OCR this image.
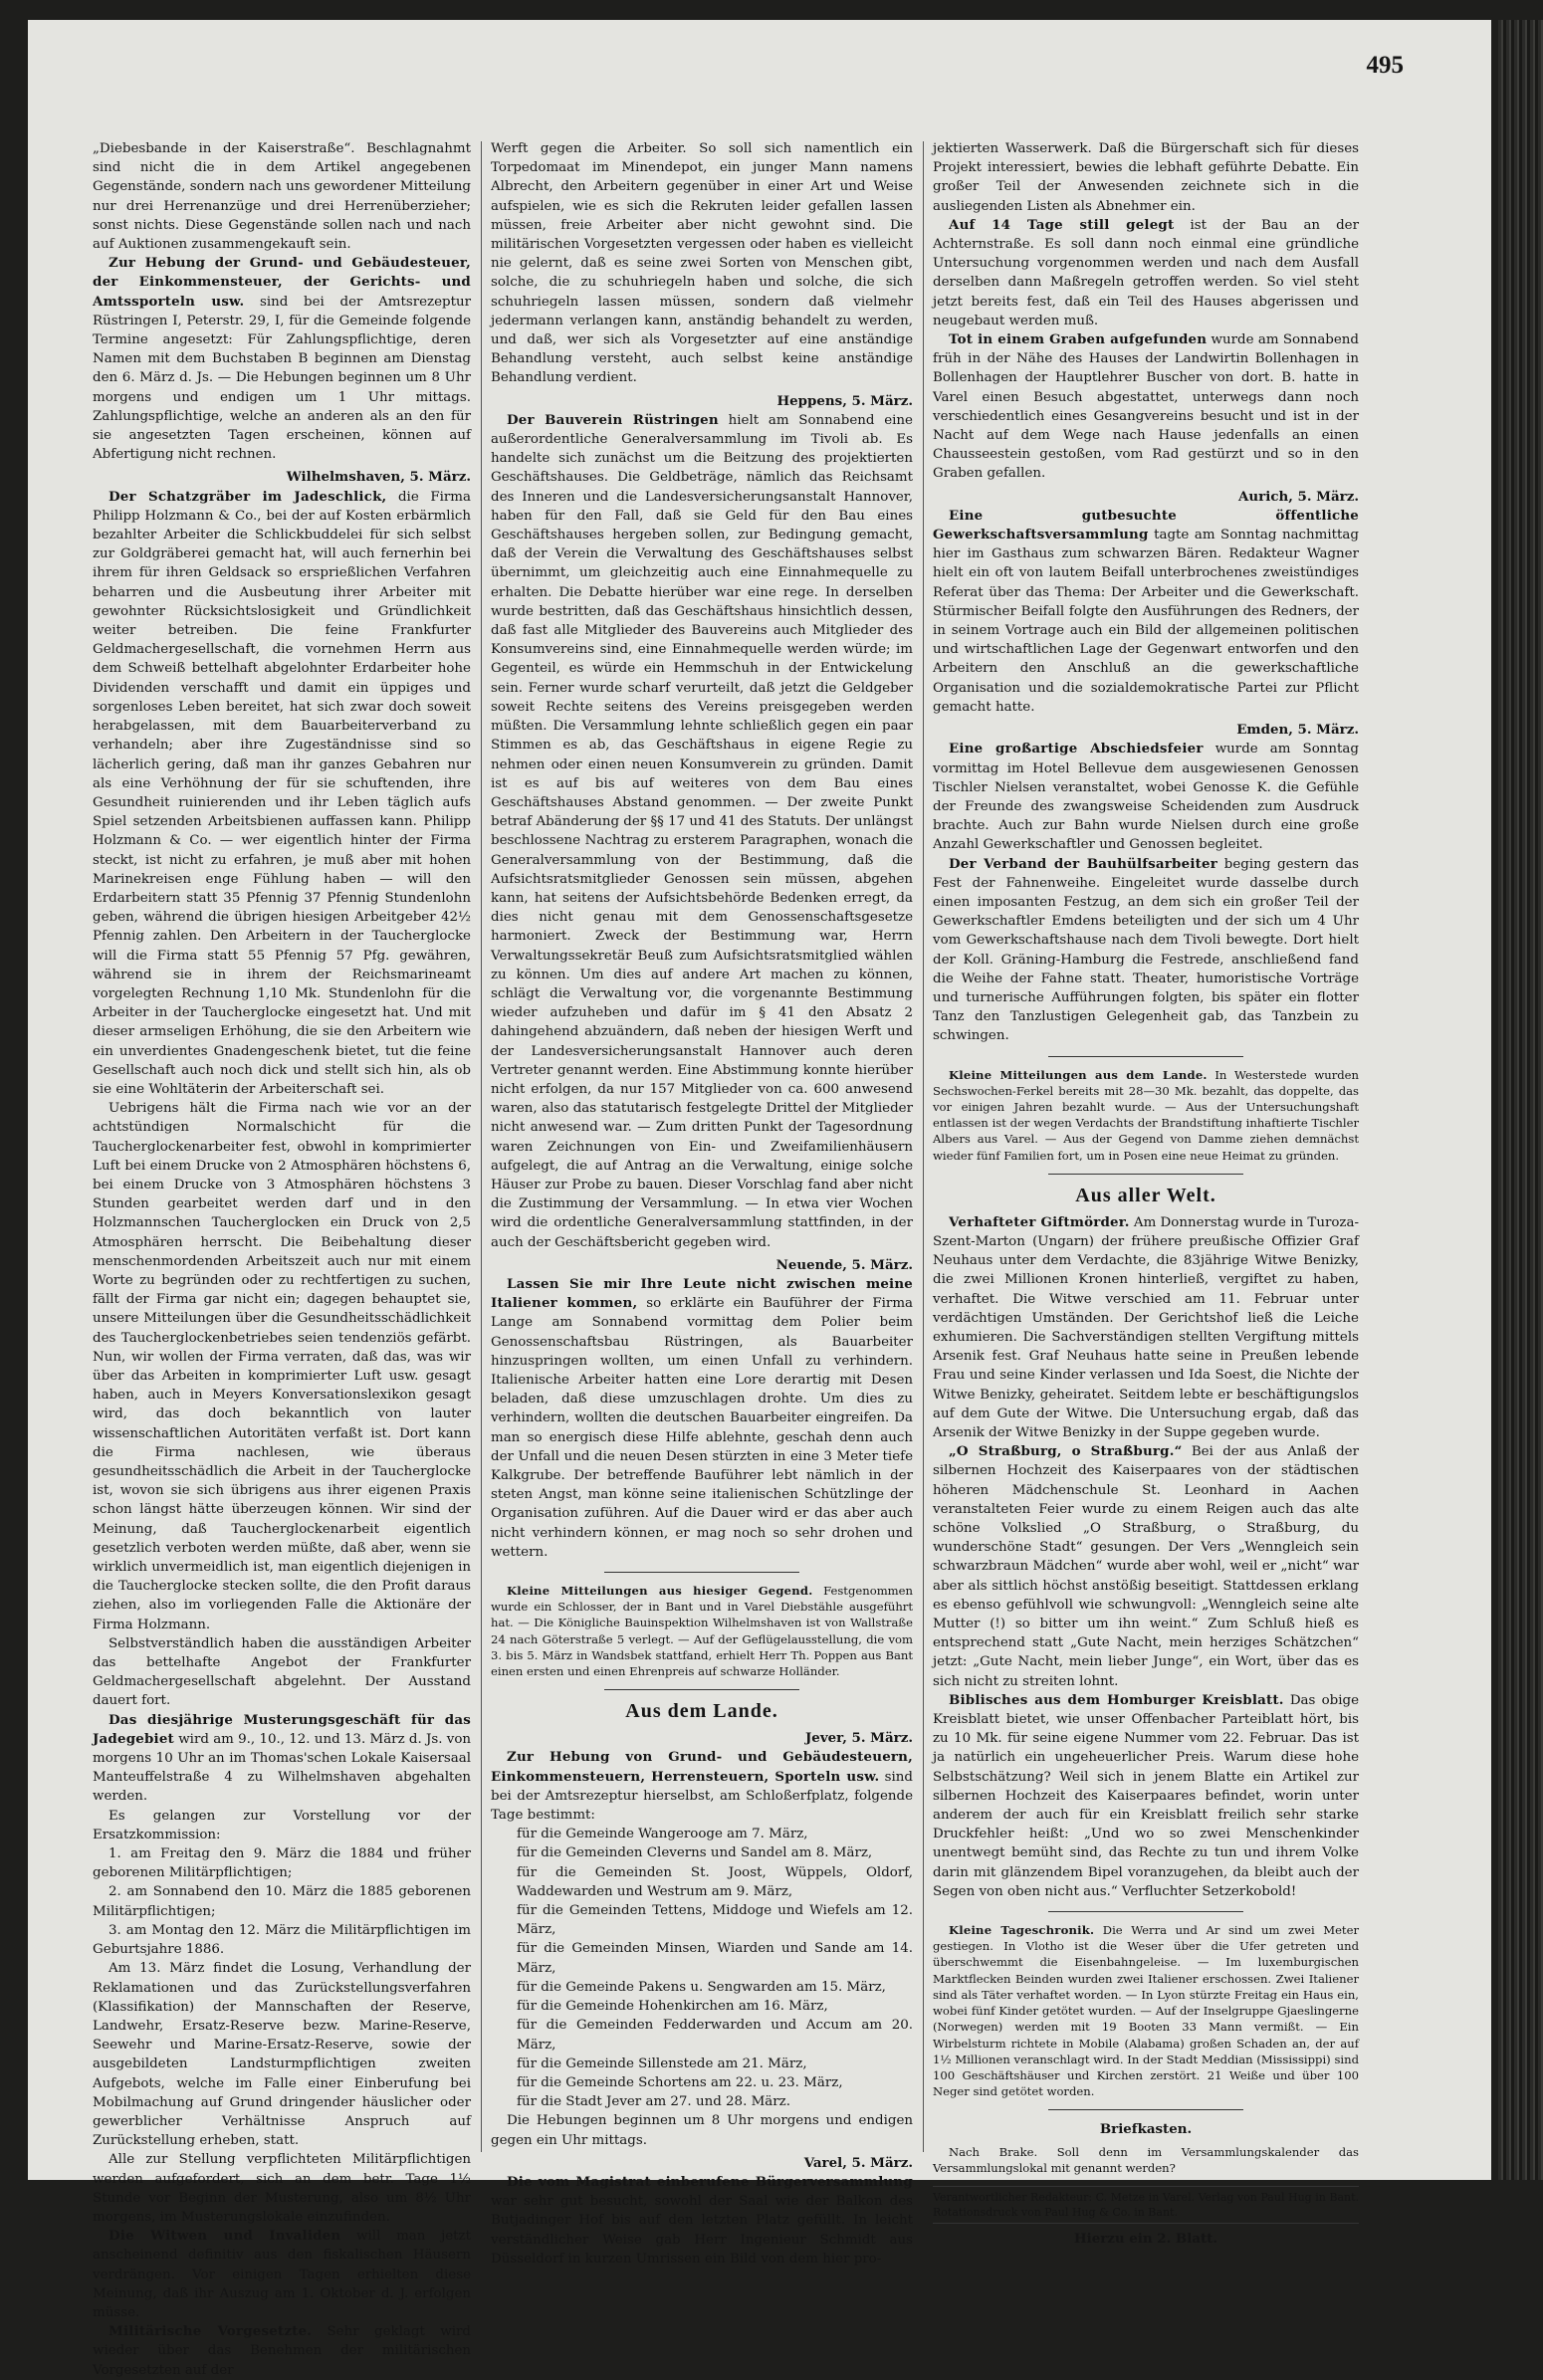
495

„Diebesbande in der Kaiserstraße“. Beschlagnahmt sind nicht die in dem Artikel angegebenen Gegenstände, sondern nach uns gewordener Mitteilung nur drei Herrenanzüge und drei Herrenüberzieher; sonst nichts. Diese Gegenstände sollen nach und nach auf Auktionen zusammengekauft sein.

Zur Hebung der Grund- und Gebäudesteuer, der Einkommensteuer, der Gerichts- und Amtssporteln usw. sind bei der Amtsrezeptur Rüstringen I, Peterstr. 29, I, für die Gemeinde folgende Termine angesetzt: Für Zahlungspflichtige, deren Namen mit dem Buchstaben B beginnen am Dienstag den 6. März d. Js. — Die Hebungen beginnen um 8 Uhr morgens und endigen um 1 Uhr mittags. Zahlungspflichtige, welche an anderen als an den für sie angesetzten Tagen erscheinen, können auf Abfertigung nicht rechnen.

Wilhelmshaven, 5. März.

Der Schatzgräber im Jadeschlick, die Firma Philipp Holzmann & Co., bei der auf Kosten erbärmlich bezahlter Arbeiter die Schlickbuddelei für sich selbst zur Goldgräberei gemacht hat, will auch fernerhin bei ihrem für ihren Geldsack so ersprießlichen Verfahren beharren und die Ausbeutung ihrer Arbeiter mit gewohnter Rücksichtslosigkeit und Gründlichkeit weiter betreiben. Die feine Frankfurter Geldmachergesellschaft, die vornehmen Herrn aus dem Schweiß bettelhaft abgelohnter Erdarbeiter hohe Dividenden verschafft und damit ein üppiges und sorgenloses Leben bereitet, hat sich zwar doch soweit herabgelassen, mit dem Bauarbeiterverband zu verhandeln; aber ihre Zugeständnisse sind so lächerlich gering, daß man ihr ganzes Gebahren nur als eine Verhöhnung der für sie schuftenden, ihre Gesundheit ruinierenden und ihr Leben täglich aufs Spiel setzenden Arbeitsbienen auffassen kann. Philipp Holzmann & Co. — wer eigentlich hinter der Firma steckt, ist nicht zu erfahren, je muß aber mit hohen Marinekreisen enge Fühlung haben — will den Erdarbeitern statt 35 Pfennig 37 Pfennig Stundenlohn geben, während die übrigen hiesigen Arbeitgeber 42½ Pfennig zahlen. Den Arbeitern in der Taucherglocke will die Firma statt 55 Pfennig 57 Pfg. gewähren, während sie in ihrem der Reichsmarineamt vorgelegten Rechnung 1,10 Mk. Stundenlohn für die Arbeiter in der Taucherglocke eingesetzt hat. Und mit dieser armseligen Erhöhung, die sie den Arbeitern wie ein unverdientes Gnadengeschenk bietet, tut die feine Gesellschaft auch noch dick und stellt sich hin, als ob sie eine Wohltäterin der Arbeiterschaft sei.

Uebrigens hält die Firma nach wie vor an der achtstündigen Normalschicht für die Taucherglockenarbeiter fest, obwohl in komprimierter Luft bei einem Drucke von 2 Atmosphären höchstens 6, bei einem Drucke von 3 Atmosphären höchstens 3 Stunden gearbeitet werden darf und in den Holzmannschen Taucherglocken ein Druck von 2,5 Atmosphären herrscht. Die Beibehaltung dieser menschenmordenden Arbeitszeit auch nur mit einem Worte zu begründen oder zu rechtfertigen zu suchen, fällt der Firma gar nicht ein; dagegen behauptet sie, unsere Mitteilungen über die Gesundheitsschädlichkeit des Taucherglockenbetriebes seien tendenziös gefärbt. Nun, wir wollen der Firma verraten, daß das, was wir über das Arbeiten in komprimierter Luft usw. gesagt haben, auch in Meyers Konversationslexikon gesagt wird, das doch bekanntlich von lauter wissenschaftlichen Autoritäten verfaßt ist. Dort kann die Firma nachlesen, wie überaus gesundheitsschädlich die Arbeit in der Taucherglocke ist, wovon sie sich übrigens aus ihrer eigenen Praxis schon längst hätte überzeugen können. Wir sind der Meinung, daß Taucherglockenarbeit eigentlich gesetzlich verboten werden müßte, daß aber, wenn sie wirklich unvermeidlich ist, man eigentlich diejenigen in die Taucherglocke stecken sollte, die den Profit daraus ziehen, also im vorliegenden Falle die Aktionäre der Firma Holzmann.

Selbstverständlich haben die ausständigen Arbeiter das bettelhafte Angebot der Frankfurter Geldmachergesellschaft abgelehnt. Der Ausstand dauert fort.

Das diesjährige Musterungsgeschäft für das Jadegebiet wird am 9., 10., 12. und 13. März d. Js. von morgens 10 Uhr an im Thomas'schen Lokale Kaisersaal Manteuffelstraße 4 zu Wilhelmshaven abgehalten werden.

Es gelangen zur Vorstellung vor der Ersatzkommission:

1. am Freitag den 9. März die 1884 und früher geborenen Militärpflichtigen;

2. am Sonnabend den 10. März die 1885 geborenen Militärpflichtigen;

3. am Montag den 12. März die Militärpflichtigen im Geburtsjahre 1886.

Am 13. März findet die Losung, Verhandlung der Reklamationen und das Zurückstellungsverfahren (Klassifikation) der Mannschaften der Reserve, Landwehr, Ersatz-Reserve bezw. Marine-Reserve, Seewehr und Marine-Ersatz-Reserve, sowie der ausgebildeten Landsturmpflichtigen zweiten Aufgebots, welche im Falle einer Einberufung bei Mobilmachung auf Grund dringender häuslicher oder gewerblicher Verhältnisse Anspruch auf Zurückstellung erheben, statt.

Alle zur Stellung verpflichteten Militärpflichtigen werden aufgefordert, sich an dem betr. Tage 1½ Stunde vor Beginn der Musterung, also um 8½ Uhr morgens, im Musterungslokale einzufinden.

Die Witwen und Invaliden will man jetzt anscheinend definitiv aus den fiskalischen Häusern verdrängen. Vor einigen Tagen erhielten diese Meinung, daß ihr Auszug am 1. Oktober d. J. erfolgen müsse.

Militärische Vorgesetzte. Sehr geklagt wird wieder über das Benehmen der militärischen Vorgesetzten auf der

Werft gegen die Arbeiter. So soll sich namentlich ein Torpedomaat im Minendepot, ein junger Mann namens Albrecht, den Arbeitern gegenüber in einer Art und Weise aufspielen, wie es sich die Rekruten leider gefallen lassen müssen, freie Arbeiter aber nicht gewohnt sind. Die militärischen Vorgesetzten vergessen oder haben es vielleicht nie gelernt, daß es seine zwei Sorten von Menschen gibt, solche, die zu schuhriegeln haben und solche, die sich schuhriegeln lassen müssen, sondern daß vielmehr jedermann verlangen kann, anständig behandelt zu werden, und daß, wer sich als Vorgesetzter auf eine anständige Behandlung versteht, auch selbst keine anständige Behandlung verdient.

Heppens, 5. März.

Der Bauverein Rüstringen hielt am Sonnabend eine außerordentliche Generalversammlung im Tivoli ab. Es handelte sich zunächst um die Beitzung des projektierten Geschäftshauses. Die Geldbeträge, nämlich das Reichsamt des Inneren und die Landesversicherungsanstalt Hannover, haben für den Fall, daß sie Geld für den Bau eines Geschäftshauses hergeben sollen, zur Bedingung gemacht, daß der Verein die Verwaltung des Geschäftshauses selbst übernimmt, um gleichzeitig auch eine Einnahmequelle zu erhalten. Die Debatte hierüber war eine rege. In derselben wurde bestritten, daß das Geschäftshaus hinsichtlich dessen, daß fast alle Mitglieder des Bauvereins auch Mitglieder des Konsumvereins sind, eine Einnahmequelle werden würde; im Gegenteil, es würde ein Hemmschuh in der Entwickelung sein. Ferner wurde scharf verurteilt, daß jetzt die Geldgeber soweit Rechte seitens des Vereins preisgegeben werden müßten. Die Versammlung lehnte schließlich gegen ein paar Stimmen es ab, das Geschäftshaus in eigene Regie zu nehmen oder einen neuen Konsumverein zu gründen. Damit ist es auf bis auf weiteres von dem Bau eines Geschäftshauses Abstand genommen. — Der zweite Punkt betraf Abänderung der §§ 17 und 41 des Statuts. Der unlängst beschlossene Nachtrag zu ersterem Paragraphen, wonach die Generalversammlung von der Bestimmung, daß die Aufsichtsratsmitglieder Genossen sein müssen, abgehen kann, hat seitens der Aufsichtsbehörde Bedenken erregt, da dies nicht genau mit dem Genossenschaftsgesetze harmoniert. Zweck der Bestimmung war, Herrn Verwaltungssekretär Beuß zum Aufsichtsratsmitglied wählen zu können. Um dies auf andere Art machen zu können, schlägt die Verwaltung vor, die vorgenannte Bestimmung wieder aufzuheben und dafür im § 41 den Absatz 2 dahingehend abzuändern, daß neben der hiesigen Werft und der Landesversicherungsanstalt Hannover auch deren Vertreter genannt werden. Eine Abstimmung konnte hierüber nicht erfolgen, da nur 157 Mitglieder von ca. 600 anwesend waren, also das statutarisch festgelegte Drittel der Mitglieder nicht anwesend war. — Zum dritten Punkt der Tagesordnung waren Zeichnungen von Ein- und Zweifamilienhäusern aufgelegt, die auf Antrag an die Verwaltung, einige solche Häuser zur Probe zu bauen. Dieser Vorschlag fand aber nicht die Zustimmung der Versammlung. — In etwa vier Wochen wird die ordentliche Generalversammlung stattfinden, in der auch der Geschäftsbericht gegeben wird.

Neuende, 5. März.

Lassen Sie mir Ihre Leute nicht zwischen meine Italiener kommen, so erklärte ein Bauführer der Firma Lange am Sonnabend vormittag dem Polier beim Genossenschaftsbau Rüstringen, als Bauarbeiter hinzuspringen wollten, um einen Unfall zu verhindern. Italienische Arbeiter hatten eine Lore derartig mit Desen beladen, daß diese umzuschlagen drohte. Um dies zu verhindern, wollten die deutschen Bauarbeiter eingreifen. Da man so energisch diese Hilfe ablehnte, geschah denn auch der Unfall und die neuen Desen stürzten in eine 3 Meter tiefe Kalkgrube. Der betreffende Bauführer lebt nämlich in der steten Angst, man könne seine italienischen Schützlinge der Organisation zuführen. Auf die Dauer wird er das aber auch nicht verhindern können, er mag noch so sehr drohen und wettern.

Kleine Mitteilungen aus hiesiger Gegend. Festgenommen wurde ein Schlosser, der in Bant und in Varel Diebstähle ausgeführt hat. — Die Königliche Bauinspektion Wilhelmshaven ist von Wallstraße 24 nach Göterstraße 5 verlegt. — Auf der Geflügelausstellung, die vom 3. bis 5. März in Wandsbek stattfand, erhielt Herr Th. Poppen aus Bant einen ersten und einen Ehrenpreis auf schwarze Holländer.

Aus dem Lande.

Jever, 5. März.

Zur Hebung von Grund- und Gebäudesteuern, Einkommensteuern, Herrensteuern, Sporteln usw. sind bei der Amtsrezeptur hierselbst, am Schloßerfplatz, folgende Tage bestimmt:

für die Gemeinde Wangerooge am 7. März,

für die Gemeinden Cleverns und Sandel am 8. März,

für die Gemeinden St. Joost, Wüppels, Oldorf, Waddewarden und Westrum am 9. März,

für die Gemeinden Tettens, Middoge und Wiefels am 12. März,

für die Gemeinden Minsen, Wiarden und Sande am 14. März,

für die Gemeinde Pakens u. Sengwarden am 15. März,

für die Gemeinde Hohenkirchen am 16. März,

für die Gemeinden Fedderwarden und Accum am 20. März,

für die Gemeinde Sillenstede am 21. März,

für die Gemeinde Schortens am 22. u. 23. März,

für die Stadt Jever am 27. und 28. März.

Die Hebungen beginnen um 8 Uhr morgens und endigen gegen ein Uhr mittags.

Varel, 5. März.

Die vom Magistrat einberufene Bürgerversammlung war sehr gut besucht, sowohl der Saal wie der Balkon des Butjadinger Hof bis auf den letzten Platz gefüllt. In leicht verständlicher Weise gab Herr Ingenieur Schmidt aus Düsseldorf in kurzen Umrissen ein Bild von dem hier pro-

jektierten Wasserwerk. Daß die Bürgerschaft sich für dieses Projekt interessiert, bewies die lebhaft geführte Debatte. Ein großer Teil der Anwesenden zeichnete sich in die ausliegenden Listen als Abnehmer ein.

Auf 14 Tage still gelegt ist der Bau an der Achternstraße. Es soll dann noch einmal eine gründliche Untersuchung vorgenommen werden und nach dem Ausfall derselben dann Maßregeln getroffen werden. So viel steht jetzt bereits fest, daß ein Teil des Hauses abgerissen und neugebaut werden muß.

Tot in einem Graben aufgefunden wurde am Sonnabend früh in der Nähe des Hauses der Landwirtin Bollenhagen in Bollenhagen der Hauptlehrer Buscher von dort. B. hatte in Varel einen Besuch abgestattet, unterwegs dann noch verschiedentlich eines Gesangvereins besucht und ist in der Nacht auf dem Wege nach Hause jedenfalls an einen Chausseestein gestoßen, vom Rad gestürzt und so in den Graben gefallen.

Aurich, 5. März.

Eine gutbesuchte öffentliche Gewerkschaftsversammlung tagte am Sonntag nachmittag hier im Gasthaus zum schwarzen Bären. Redakteur Wagner hielt ein oft von lautem Beifall unterbrochenes zweistündiges Referat über das Thema: Der Arbeiter und die Gewerkschaft. Stürmischer Beifall folgte den Ausführungen des Redners, der in seinem Vortrage auch ein Bild der allgemeinen politischen und wirtschaftlichen Lage der Gegenwart entworfen und den Arbeitern den Anschluß an die gewerkschaftliche Organisation und die sozialdemokratische Partei zur Pflicht gemacht hatte.

Emden, 5. März.

Eine großartige Abschiedsfeier wurde am Sonntag vormittag im Hotel Bellevue dem ausgewiesenen Genossen Tischler Nielsen veranstaltet, wobei Genosse K. die Gefühle der Freunde des zwangsweise Scheidenden zum Ausdruck brachte. Auch zur Bahn wurde Nielsen durch eine große Anzahl Gewerkschaftler und Genossen begleitet.

Der Verband der Bauhülfsarbeiter beging gestern das Fest der Fahnenweihe. Eingeleitet wurde dasselbe durch einen imposanten Festzug, an dem sich ein großer Teil der Gewerkschaftler Emdens beteiligten und der sich um 4 Uhr vom Gewerkschaftshause nach dem Tivoli bewegte. Dort hielt der Koll. Gräning-Hamburg die Festrede, anschließend fand die Weihe der Fahne statt. Theater, humoristische Vorträge und turnerische Aufführungen folgten, bis später ein flotter Tanz den Tanzlustigen Gelegenheit gab, das Tanzbein zu schwingen.

Kleine Mitteilungen aus dem Lande. In Westerstede wurden Sechswochen-Ferkel bereits mit 28—30 Mk. bezahlt, das doppelte, das vor einigen Jahren bezahlt wurde. — Aus der Untersuchungshaft entlassen ist der wegen Verdachts der Brandstiftung inhaftierte Tischler Albers aus Varel. — Aus der Gegend von Damme ziehen demnächst wieder fünf Familien fort, um in Posen eine neue Heimat zu gründen.

Aus aller Welt.

Verhafteter Giftmörder. Am Donnerstag wurde in Turoza-Szent-Marton (Ungarn) der frühere preußische Offizier Graf Neuhaus unter dem Verdachte, die 83jährige Witwe Benizky, die zwei Millionen Kronen hinterließ, vergiftet zu haben, verhaftet. Die Witwe verschied am 11. Februar unter verdächtigen Umständen. Der Gerichtshof ließ die Leiche exhumieren. Die Sachverständigen stellten Vergiftung mittels Arsenik fest. Graf Neuhaus hatte seine in Preußen lebende Frau und seine Kinder verlassen und Ida Soest, die Nichte der Witwe Benizky, geheiratet. Seitdem lebte er beschäftigungslos auf dem Gute der Witwe. Die Untersuchung ergab, daß das Arsenik der Witwe Benizky in der Suppe gegeben wurde.

„O Straßburg, o Straßburg.“ Bei der aus Anlaß der silbernen Hochzeit des Kaiserpaares von der städtischen höheren Mädchenschule St. Leonhard in Aachen veranstalteten Feier wurde zu einem Reigen auch das alte schöne Volkslied „O Straßburg, o Straßburg, du wunderschöne Stadt“ gesungen. Der Vers „Wenngleich sein schwarzbraun Mädchen“ wurde aber wohl, weil er „nicht“ war aber als sittlich höchst anstößig beseitigt. Stattdessen erklang es ebenso gefühlvoll wie schwungvoll: „Wenngleich seine alte Mutter (!) so bitter um ihn weint.“ Zum Schluß hieß es entsprechend statt „Gute Nacht, mein herziges Schätzchen“ jetzt: „Gute Nacht, mein lieber Junge“, ein Wort, über das es sich nicht zu streiten lohnt.

Biblisches aus dem Homburger Kreisblatt. Das obige Kreisblatt bietet, wie unser Offenbacher Parteiblatt hört, bis zu 10 Mk. für seine eigene Nummer vom 22. Februar. Das ist ja natürlich ein ungeheuerlicher Preis. Warum diese hohe Selbstschätzung? Weil sich in jenem Blatte ein Artikel zur silbernen Hochzeit des Kaiserpaares befindet, worin unter anderem der auch für ein Kreisblatt freilich sehr starke Druckfehler heißt: „Und wo so zwei Menschenkinder unentwegt bemüht sind, das Rechte zu tun und ihrem Volke darin mit glänzendem Bipel voranzugehen, da bleibt auch der Segen von oben nicht aus.“ Verfluchter Setzerkobold!

Kleine Tageschronik. Die Werra und Ar sind um zwei Meter gestiegen. In Vlotho ist die Weser über die Ufer getreten und überschwemmt die Eisenbahngeleise. — Im luxemburgischen Marktflecken Beinden wurden zwei Italiener erschossen. Zwei Italiener sind als Täter verhaftet worden. — In Lyon stürzte Freitag ein Haus ein, wobei fünf Kinder getötet wurden. — Auf der Inselgruppe Gjaeslingerne (Norwegen) werden mit 19 Booten 33 Mann vermißt. — Ein Wirbelsturm richtete in Mobile (Alabama) großen Schaden an, der auf 1½ Millionen veranschlagt wird. In der Stadt Meddian (Mississippi) sind 100 Geschäftshäuser und Kirchen zerstört. 21 Weiße und über 100 Neger sind getötet worden.

Briefkasten.

Nach Brake. Soll denn im Versammlungskalender das Versammlungslokal mit genannt werden?

Verantwortlicher Redakteur: C. Metze in Varel. Verlag von Paul Hug in Bant. Rotationsdruck von Paul Hug & Co. in Bant.
Hierzu ein 2. Blatt.
